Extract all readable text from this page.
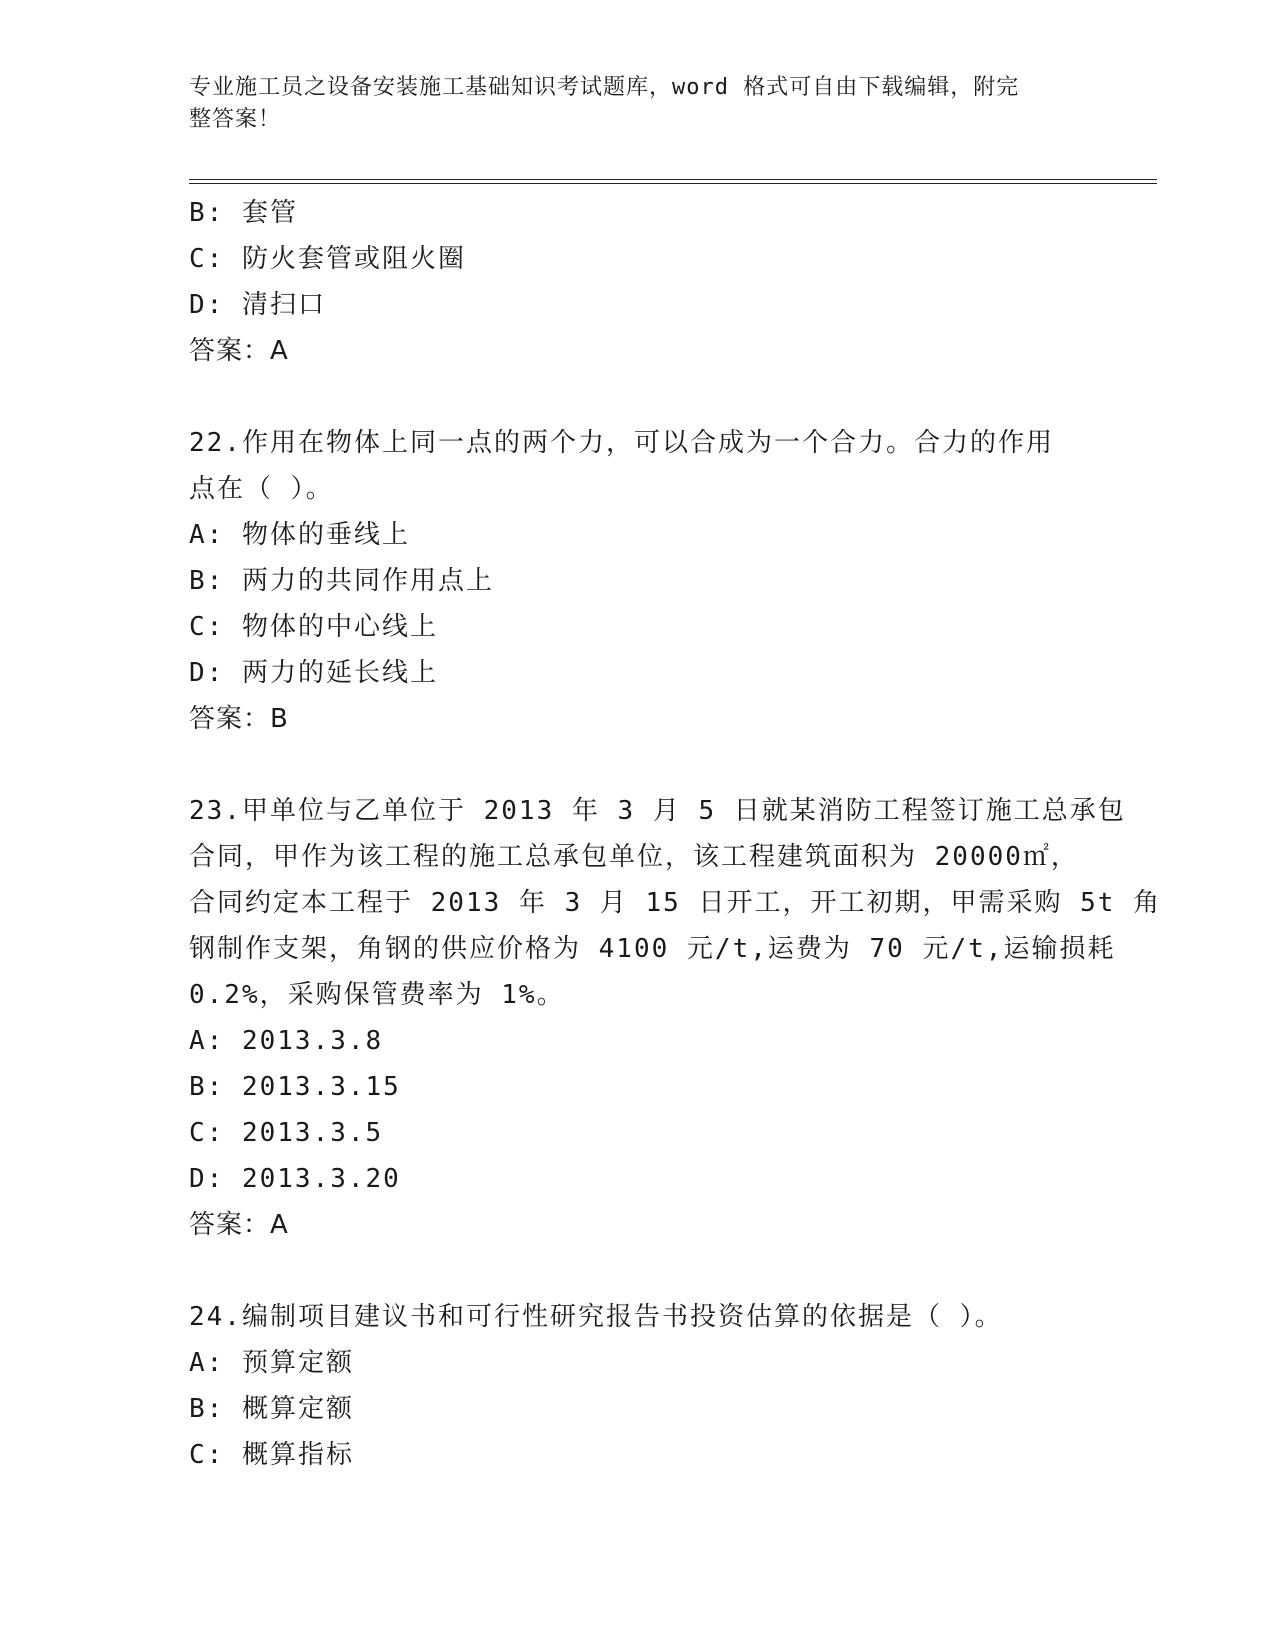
专业施工员之设备安装施工基础知识考试题库，word 格式可自由下载编辑，附完
整答案！
B: 套管
C: 防火套管或阻火圈
D: 清扫口
答案：A
22.作用在物体上同一点的两个力，可以合成为一个合力。合力的作用
点在（ ）。
A: 物体的垂线上
B: 两力的共同作用点上
C: 物体的中心线上
D: 两力的延长线上
答案：B
23.甲单位与乙单位于 2013 年 3 月 5 日就某消防工程签订施工总承包
合同，甲作为该工程的施工总承包单位，该工程建筑面积为 20000㎡，
合同约定本工程于 2013 年 3 月 15 日开工，开工初期，甲需采购 5t 角
钢制作支架，角钢的供应价格为 4100 元/t,运费为 70 元/t,运输损耗
0.2%，采购保管费率为 1%。
A: 2013.3.8
B: 2013.3.15
C: 2013.3.5
D: 2013.3.20
答案：A
24.编制项目建议书和可行性研究报告书投资估算的依据是（ ）。
A: 预算定额
B: 概算定额
C: 概算指标
